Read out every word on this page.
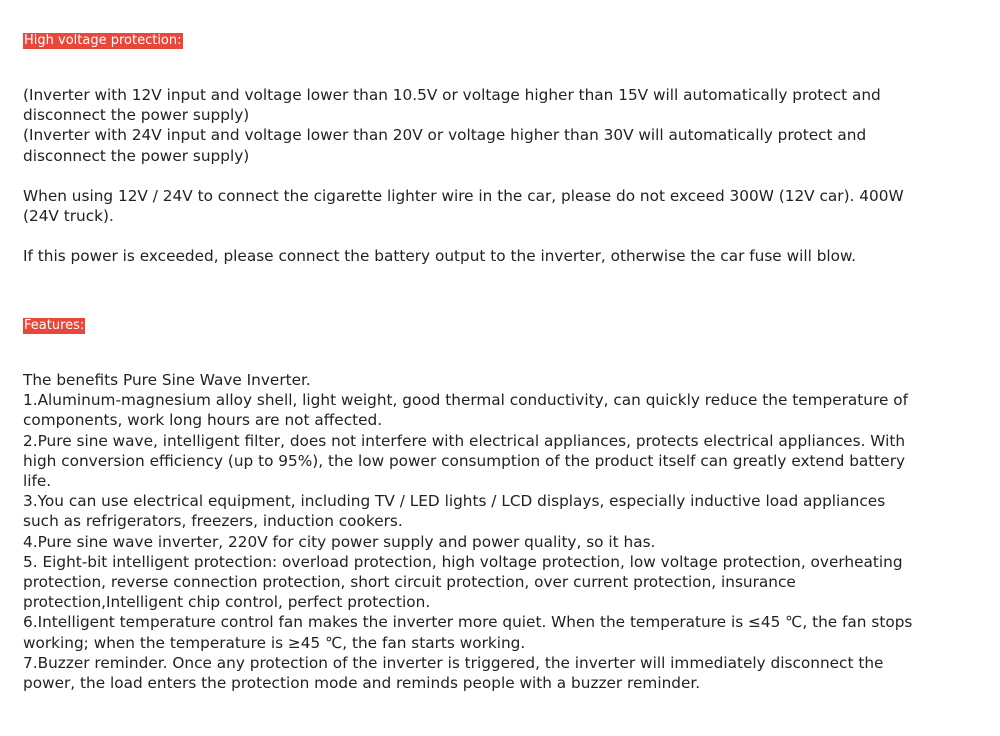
High voltage protection:
(Inverter with 12V input and voltage lower than 10.5V or voltage higher than 15V will automatically protect and
disconnect the power supply)
(Inverter with 24V input and voltage lower than 20V or voltage higher than 30V will automatically protect and
disconnect the power supply)
When using 12V / 24V to connect the cigarette lighter wire in the car, please do not exceed 300W (12V car). 400W
(24V truck).
If this power is exceeded, please connect the battery output to the inverter, otherwise the car fuse will blow.
Features:
The benefits Pure Sine Wave Inverter.
1.Aluminum-magnesium alloy shell, light weight, good thermal conductivity, can quickly reduce the temperature of
components, work long hours are not affected.
2.Pure sine wave, intelligent filter, does not interfere with electrical appliances, protects electrical appliances. With
high conversion efficiency (up to 95%), the low power consumption of the product itself can greatly extend battery
life.
3.You can use electrical equipment, including TV / LED lights / LCD displays, especially inductive load appliances
such as refrigerators, freezers, induction cookers.
4.Pure sine wave inverter, 220V for city power supply and power quality, so it has.
5. Eight-bit intelligent protection: overload protection, high voltage protection, low voltage protection, overheating
protection, reverse connection protection, short circuit protection, over current protection, insurance
protection,Intelligent chip control, perfect protection.
6.Intelligent temperature control fan makes the inverter more quiet. When the temperature is ≤45 ℃, the fan stops
working; when the temperature is ≥45 ℃, the fan starts working.
7.Buzzer reminder. Once any protection of the inverter is triggered, the inverter will immediately disconnect the
power, the load enters the protection mode and reminds people with a buzzer reminder.
